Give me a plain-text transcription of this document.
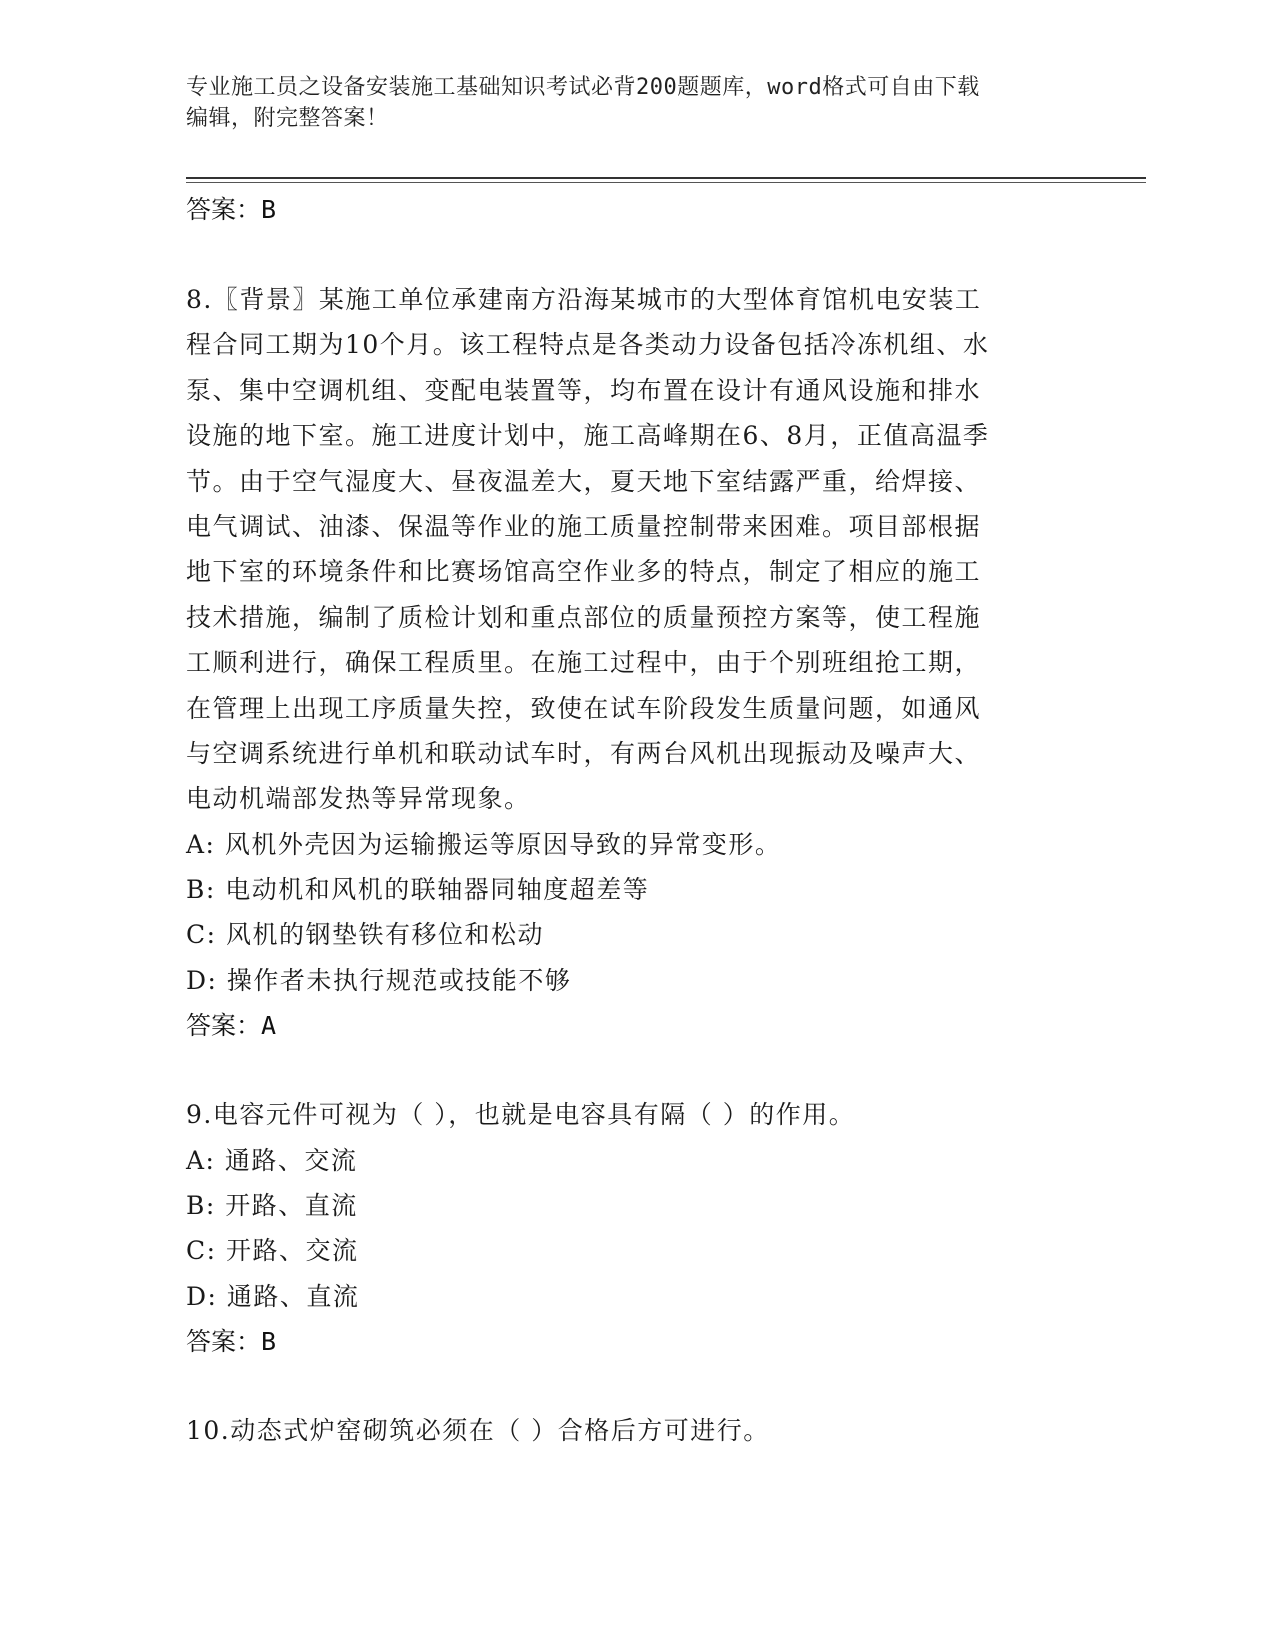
专业施工员之设备安装施工基础知识考试必背200题题库，word格式可自由下载
编辑，附完整答案！
答案：B
8.〖背景〗某施工单位承建南方沿海某城市的大型体育馆机电安装工
程合同工期为10个月。该工程特点是各类动力设备包括冷冻机组、水
泵、集中空调机组、变配电装置等，均布置在设计有通风设施和排水
设施的地下室。施工进度计划中，施工高峰期在6、8月，正值高温季
节。由于空气湿度大、昼夜温差大，夏天地下室结露严重，给焊接、
电气调试、油漆、保温等作业的施工质量控制带来困难。项目部根据
地下室的环境条件和比赛场馆高空作业多的特点，制定了相应的施工
技术措施，编制了质检计划和重点部位的质量预控方案等，使工程施
工顺利进行，确保工程质里。在施工过程中，由于个别班组抢工期，
在管理上出现工序质量失控，致使在试车阶段发生质量问题，如通风
与空调系统进行单机和联动试车时，有两台风机出现振动及噪声大、
电动机端部发热等异常现象。
A: 风机外壳因为运输搬运等原因导致的异常变形。
B: 电动机和风机的联轴器同轴度超差等
C: 风机的钢垫铁有移位和松动
D: 操作者未执行规范或技能不够
答案：A
9.电容元件可视为（ ），也就是电容具有隔（ ）的作用。
A: 通路、交流
B: 开路、直流
C: 开路、交流
D: 通路、直流
答案：B
10.动态式炉窑砌筑必须在（ ）合格后方可进行。
